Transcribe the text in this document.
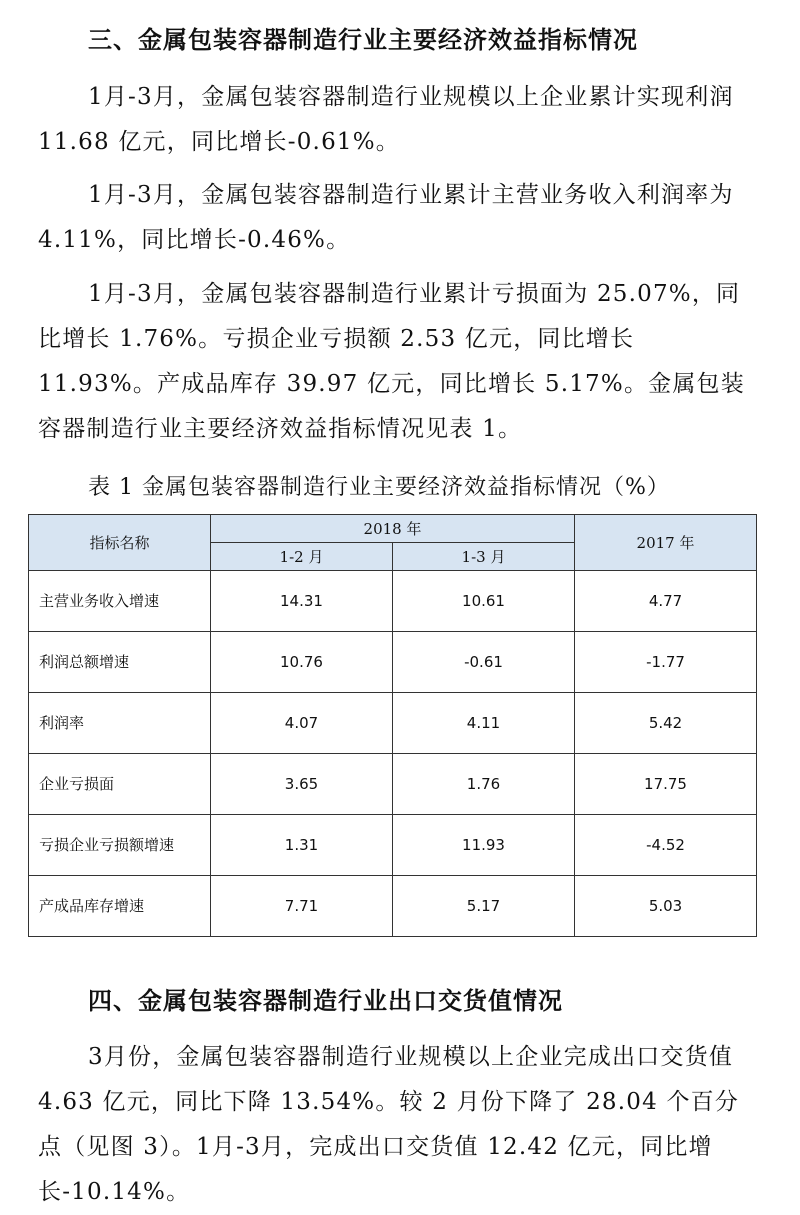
三、金属包装容器制造行业主要经济效益指标情况

1月-3月，金属包装容器制造行业规模以上企业累计实现利润 11.68 亿元，同比增长-0.61%。

1月-3月，金属包装容器制造行业累计主营业务收入利润率为 4.11%，同比增长-0.46%。

1月-3月，金属包装容器制造行业累计亏损面为 25.07%，同比增长 1.76%。亏损企业亏损额 2.53 亿元，同比增长 11.93%。产成品库存 39.97 亿元，同比增长 5.17%。金属包装容器制造行业主要经济效益指标情况见表 1。

表 1 金属包装容器制造行业主要经济效益指标情况（%）
指标名称	2018 年		2017 年
	1-2 月	1-3 月	
主营业务收入增速	14.31	10.61	4.77
利润总额增速	10.76	-0.61	-1.77
利润率	4.07	4.11	5.42
企业亏损面	3.65	1.76	17.75
亏损企业亏损额增速	1.31	11.93	-4.52
产成品库存增速	7.71	5.17	5.03
四、金属包装容器制造行业出口交货值情况

3月份，金属包装容器制造行业规模以上企业完成出口交货值 4.63 亿元，同比下降 13.54%。较 2 月份下降了 28.04 个百分点（见图 3）。1月-3月，完成出口交货值 12.42 亿元，同比增长-10.14%。
